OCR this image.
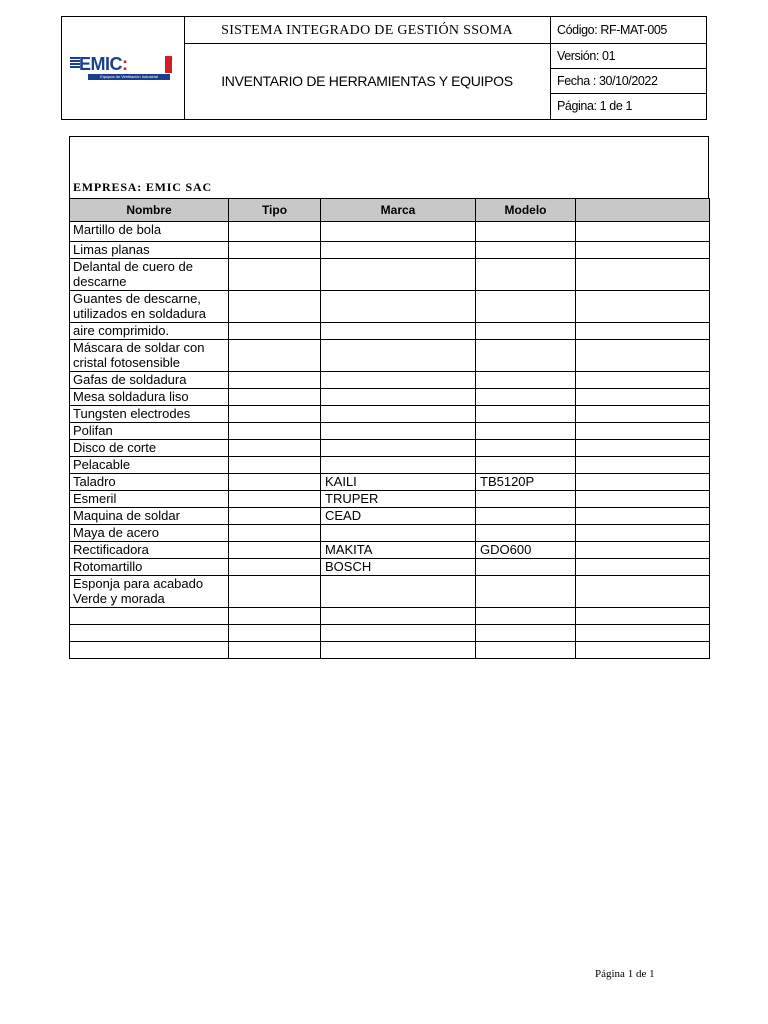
EMIC:	SAC
Equipos de Ventilación Industrial
SISTEMA INTEGRADO DE GESTIÓN SSOMA
INVENTARIO DE HERRAMIENTAS Y EQUIPOS
Código: RF-MAT-005
Versión: 01
Fecha : 30/10/2022
Página: 1 de 1
EMPRESA: EMIC SAC
Nombre	Tipo	Marca	Modelo	
Martillo de bola				
Limas planas				
Delantal de cuero de descarne				
Guantes de descarne, utilizados en soldadura				
aire comprimido.				
Máscara de soldar con cristal fotosensible				
Gafas de soldadura				
Mesa soldadura liso				
Tungsten electrodes				
Polifan				
Disco de corte				
Pelacable				
Taladro		KAILI	TB5120P	
Esmeril		TRUPER		
Maquina de soldar		CEAD		
Maya de acero				
Rectificadora		MAKITA	GDO600	
Rotomartillo		BOSCH		
Esponja para acabado Verde y morada				

Página 1 de 1
